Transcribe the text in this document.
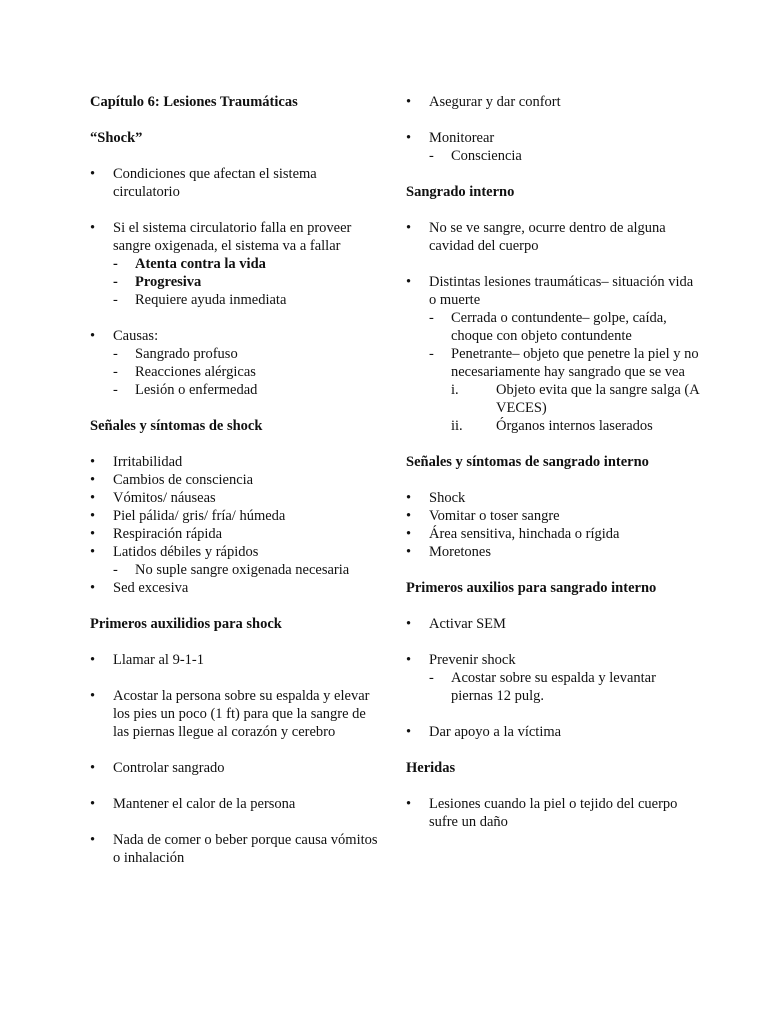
Capítulo 6: Lesiones Traumáticas
“Shock”
•	Condiciones que afectan el sistema circulatorio
•	Si el sistema circulatorio falla en proveer sangre oxigenada, el sistema va a fallar
- Atenta contra la vida
- Progresiva
- Requiere ayuda inmediata
•	Causas:
- Sangrado profuso
- Reacciones alérgicas
- Lesión o enfermedad
Señales y síntomas de shock
•	Irritabilidad
•	Cambios de consciencia
•	Vómitos/ náuseas
•	Piel pálida/ gris/ fría/ húmeda
•	Respiración rápida
•	Latidos débiles y rápidos
- No suple sangre oxigenada necesaria
•	Sed excesiva
Primeros auxilidios para shock
•	Llamar al 9-1-1
•	Acostar la persona sobre su espalda y elevar los pies un poco (1 ft) para que la sangre de las piernas llegue al corazón y cerebro
•	Controlar sangrado
•	Mantener el calor de la persona
•	Nada de comer o beber porque causa vómitos o inhalación
•	Asegurar y dar confort
•	Monitorear
- Consciencia
Sangrado interno
•	No se ve sangre, ocurre dentro de alguna cavidad del cuerpo
•	Distintas lesiones traumáticas– situación vida o muerte
- Cerrada o contundente– golpe, caída, choque con objeto contundente
- Penetrante– objeto que penetre la piel y no necesariamente hay sangrado que se vea
i.	Objeto evita que la sangre salga (A VECES)
ii. Órganos internos laserados
Señales y síntomas de sangrado interno
•	Shock
•	Vomitar o toser sangre
•	Área sensitiva, hinchada o rígida
•	Moretones
Primeros auxilios para sangrado interno
•	Activar SEM
•	Prevenir shock
- Acostar sobre su espalda y levantar piernas 12 pulg.
•	Dar apoyo a la víctima
Heridas
•	Lesiones cuando la piel o tejido del cuerpo sufre un daño
